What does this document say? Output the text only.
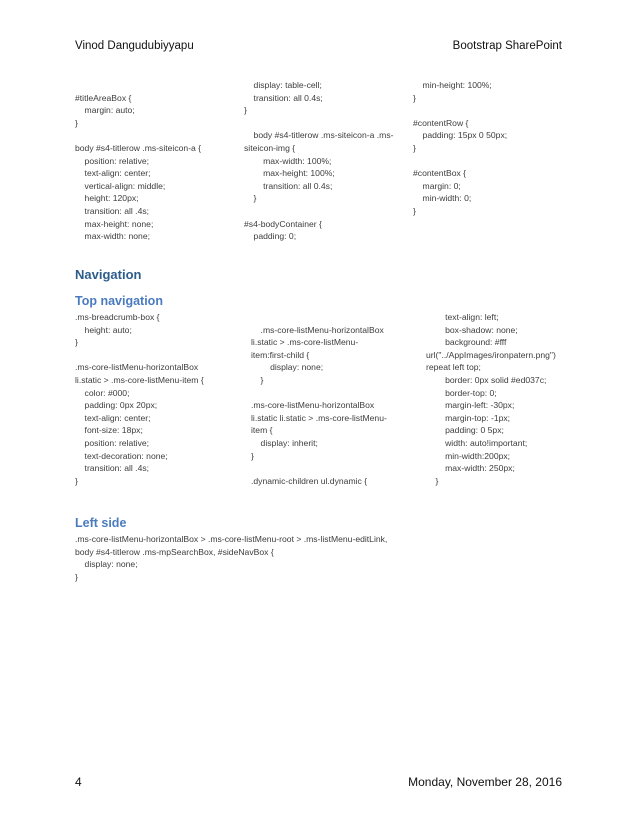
Vinod Dangudubiyyapu	Bootstrap SharePoint
#titleAreaBox {
margin: auto;
}
body #s4-titlerow .ms-siteicon-a {
position: relative;
text-align: center;
vertical-align: middle;
height: 120px;
transition: all .4s;
max-height: none;
max-width: none;
display: table-cell;
transition: all 0.4s;
}
body #s4-titlerow .ms-siteicon-a .ms-
siteicon-img {
max-width: 100%;
max-height: 100%;
transition: all 0.4s;
}
#s4-bodyContainer {
padding: 0;
min-height: 100%;
}
#contentRow {
padding: 15px 0 50px;
}
#contentBox {
margin: 0;
min-width: 0;
}
Navigation
Top navigation
.ms-breadcrumb-box {
height: auto;
}
.ms-core-listMenu-horizontalBox
li.static > .ms-core-listMenu-item {
color: #000;
padding: 0px 20px;
text-align: center;
font-size: 18px;
position: relative;
text-decoration: none;
transition: all .4s;
}
.ms-core-listMenu-horizontalBox
li.static > .ms-core-listMenu-
item:first-child {
display: none;
}
.ms-core-listMenu-horizontalBox
li.static li.static > .ms-core-listMenu-
item {
display: inherit;
}
.dynamic-children ul.dynamic {
text-align: left;
box-shadow: none;
background: #fff
url("../AppImages/ironpatern.png")
repeat left top;
border: 0px solid #ed037c;
border-top: 0;
margin-left: -30px;
margin-top: -1px;
padding: 0 5px;
width: auto!important;
min-width:200px;
max-width: 250px;
}
Left side
.ms-core-listMenu-horizontalBox > .ms-core-listMenu-root > .ms-listMenu-editLink,
body #s4-titlerow .ms-mpSearchBox, #sideNavBox {
display: none;
}
4	Monday, November 28, 2016
